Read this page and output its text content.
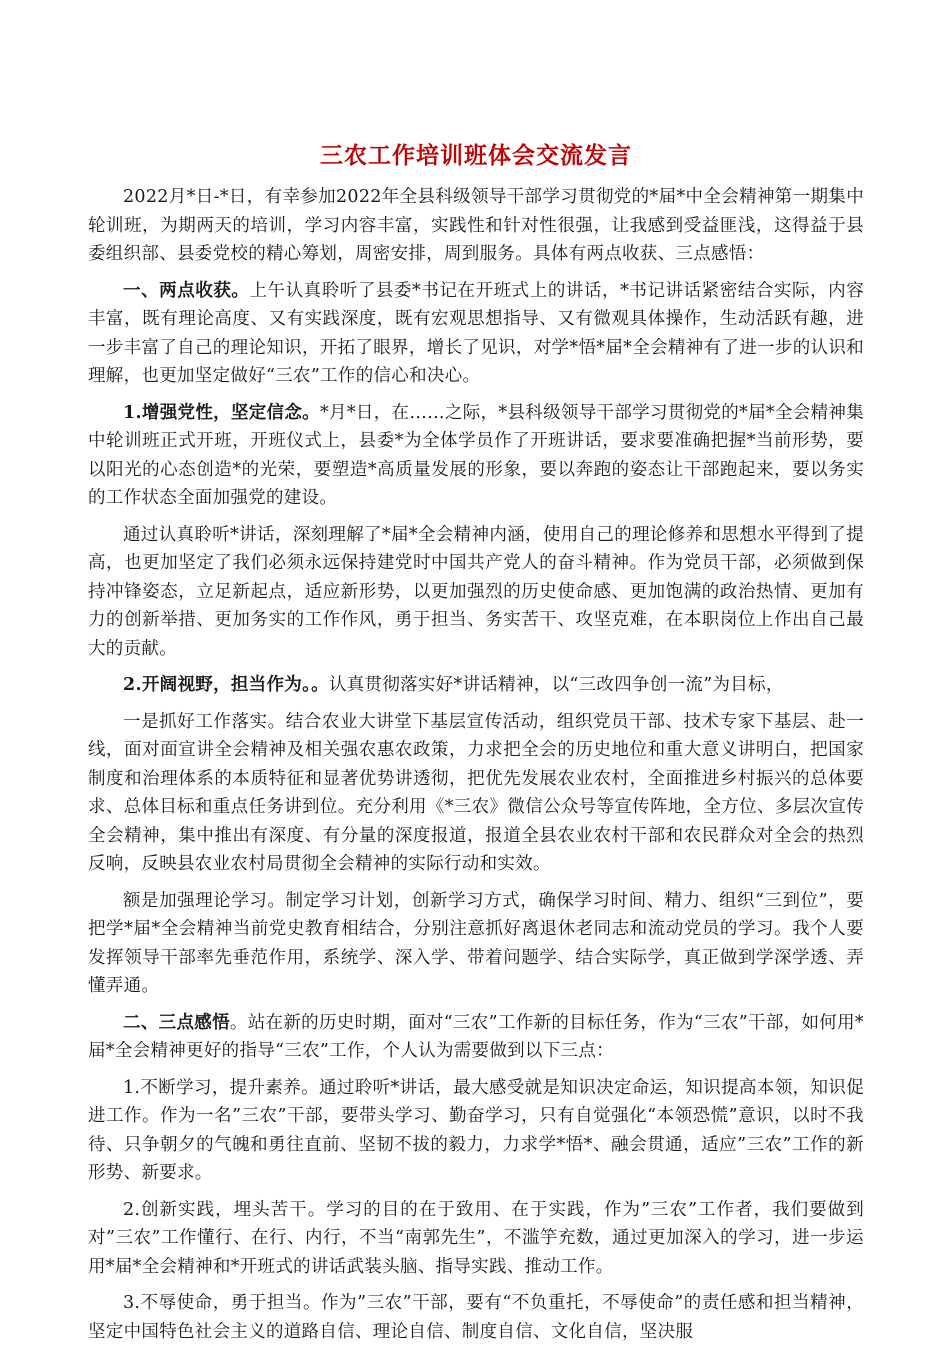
三农工作培训班体会交流发言

2022月*日-*日，有幸参加2022年全县科级领导干部学习贯彻党的*届*中全会精神第一期集中轮训班，为期两天的培训，学习内容丰富，实践性和针对性很强，让我感到受益匪浅，这得益于县委组织部、县委党校的精心筹划，周密安排，周到服务。具体有两点收获、三点感悟：

一、两点收获。上午认真聆听了县委*书记在开班式上的讲话，*书记讲话紧密结合实际，内容丰富，既有理论高度、又有实践深度，既有宏观思想指导、又有微观具体操作，生动活跃有趣，进一步丰富了自己的理论知识，开拓了眼界，增长了见识，对学*悟*届*全会精神有了进一步的认识和理解，也更加坚定做好“三农”工作的信心和决心。

1.增强党性，坚定信念。*月*日，在……之际，*县科级领导干部学习贯彻党的*届*全会精神集中轮训班正式开班，开班仪式上，县委*为全体学员作了开班讲话，要求要准确把握*当前形势，要以阳光的心态创造*的光荣，要塑造*高质量发展的形象，要以奔跑的姿态让干部跑起来，要以务实的工作状态全面加强党的建设。

通过认真聆听*讲话，深刻理解了*届*全会精神内涵，使用自己的理论修养和思想水平得到了提高，也更加坚定了我们必须永远保持建党时中国共产党人的奋斗精神。作为党员干部，必须做到保持冲锋姿态，立足新起点，适应新形势，以更加强烈的历史使命感、更加饱满的政治热情、更加有力的创新举措、更加务实的工作作风，勇于担当、务实苦干、攻坚克难，在本职岗位上作出自己最大的贡献。

2.开阔视野，担当作为。。认真贯彻落实好*讲话精神，以“三改四争创一流”为目标，

一是抓好工作落实。结合农业大讲堂下基层宣传活动，组织党员干部、技术专家下基层、赴一线，面对面宣讲全会精神及相关强农惠农政策，力求把全会的历史地位和重大意义讲明白，把国家制度和治理体系的本质特征和显著优势讲透彻，把优先发展农业农村，全面推进乡村振兴的总体要求、总体目标和重点任务讲到位。充分利用《*三农》微信公众号等宣传阵地，全方位、多层次宣传全会精神，集中推出有深度、有分量的深度报道，报道全县农业农村干部和农民群众对全会的热烈反响，反映县农业农村局贯彻全会精神的实际行动和实效。

额是加强理论学习。制定学习计划，创新学习方式，确保学习时间、精力、组织“三到位”，要把学*届*全会精神当前党史教育相结合，分别注意抓好离退休老同志和流动党员的学习。我个人要发挥领导干部率先垂范作用，系统学、深入学、带着问题学、结合实际学，真正做到学深学透、弄懂弄通。

二、三点感悟。站在新的历史时期，面对“三农”工作新的目标任务，作为“三农”干部，如何用*届*全会精神更好的指导“三农”工作，个人认为需要做到以下三点：

1.不断学习，提升素养。通过聆听*讲话，最大感受就是知识决定命运，知识提高本领，知识促进工作。作为一名”三农”干部，要带头学习、勤奋学习，只有自觉强化“本领恐慌”意识，以时不我待、只争朝夕的气魄和勇往直前、坚韧不拔的毅力，力求学*悟*、融会贯通，适应”三农”工作的新形势、新要求。

2.创新实践，埋头苦干。学习的目的在于致用、在于实践，作为”三农”工作者，我们要做到对”三农”工作懂行、在行、内行，不当“南郭先生”，不滥竽充数，通过更加深入的学习，进一步运用*届*全会精神和*开班式的讲话武装头脑、指导实践、推动工作。

3.不辱使命，勇于担当。作为”三农”干部，要有“不负重托，不辱使命”的责任感和担当精神，坚定中国特色社会主义的道路自信、理论自信、制度自信、文化自信，坚决服
